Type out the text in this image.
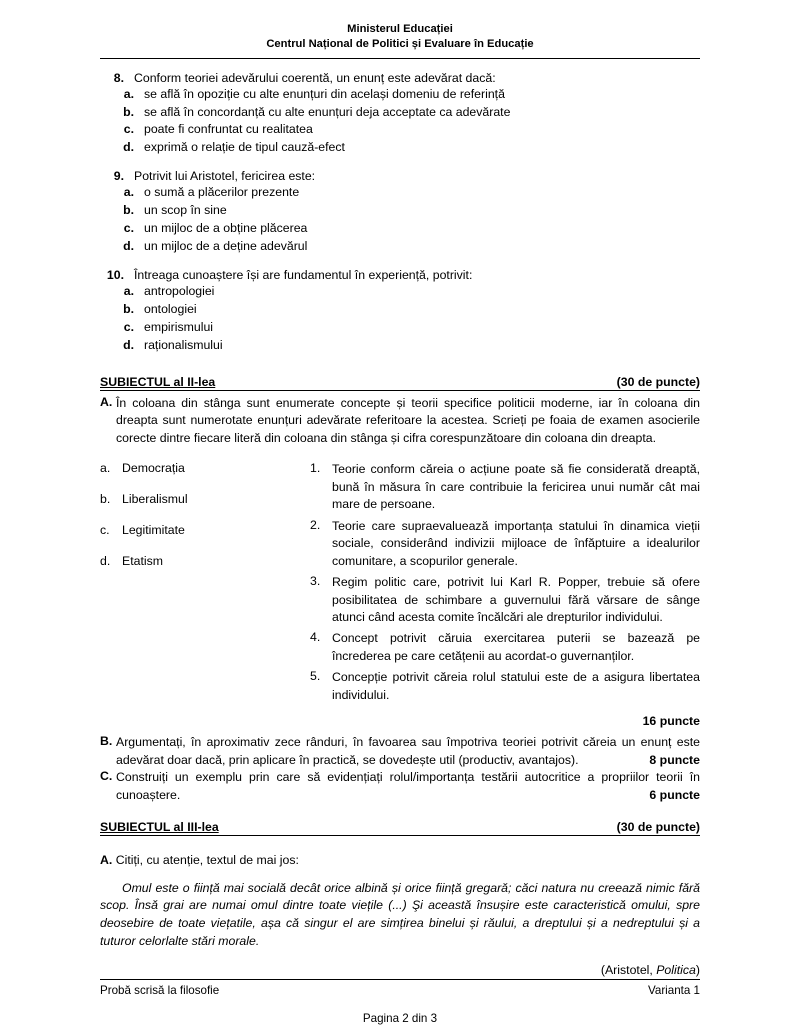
Ministerul Educației
Centrul Național de Politici și Evaluare în Educație
8. Conform teoriei adevărului coerentă, un enunț este adevărat dacă:
a. se află în opoziție cu alte enunțuri din același domeniu de referință
b. se află în concordanță cu alte enunțuri deja acceptate ca adevărate
c. poate fi confruntat cu realitatea
d. exprimă o relație de tipul cauză-efect
9. Potrivit lui Aristotel, fericirea este:
a. o sumă a plăcerilor prezente
b. un scop în sine
c. un mijloc de a obține plăcerea
d. un mijloc de a deține adevărul
10. Întreaga cunoaștere își are fundamentul în experiență, potrivit:
a. antropologiei
b. ontologiei
c. empirismului
d. raționalismului
SUBIECTUL al II-lea	(30 de puncte)
A. În coloana din stânga sunt enumerate concepte și teorii specifice politicii moderne, iar în coloana din dreapta sunt numerotate enunțuri adevărate referitoare la acestea. Scrieți pe foaia de examen asocierile corecte dintre fiecare literă din coloana din stânga și cifra corespunzătoare din coloana din dreapta.
a. Democrația
b. Liberalismul
c.	Legitimitate
d. Etatism
1. Teorie conform căreia o acțiune poate să fie considerată dreaptă, bună în măsura în care contribuie la fericirea unui număr cât mai mare de persoane.
2. Teorie care supraevaluează importanța statului în dinamica vieții sociale, considerând indivizii mijloace de înfăptuire a idealurilor comunitare, a scopurilor generale.
3. Regim politic care, potrivit lui Karl R. Popper, trebuie să ofere posibilitatea de schimbare a guvernului fără vărsare de sânge atunci când acesta comite încălcări ale drepturilor individului.
4. Concept potrivit căruia exercitarea puterii se bazează pe încrederea pe care cetățenii au acordat-o guvernanților.
5. Concepție potrivit căreia rolul statului este de a asigura libertatea individului.
16 puncte
B. Argumentați, în aproximativ zece rânduri, în favoarea sau împotriva teoriei potrivit căreia un enunț este adevărat doar dacă, prin aplicare în practică, se dovedește util (productiv, avantajos).	8 puncte
C. Construiți un exemplu prin care să evidențiați rolul/importanța testării autocritice a propriilor teorii în cunoaștere.	6 puncte
SUBIECTUL al III-lea	(30 de puncte)
A. Citiți, cu atenție, textul de mai jos:
Omul este o ființă mai socială decât orice albină și orice ființă gregară; căci natura nu creează nimic fără scop. Însă grai are numai omul dintre toate viețile (...) Şi această însușire este caracteristică omului, spre deosebire de toate viețatile, așa că singur el are simțirea binelui și răului, a dreptului și a nedreptului și a tuturor celorlalte stări morale.
(Aristotel, Politica)
Probă scrisă la filosofie	Varianta 1
Pagina 2 din 3
